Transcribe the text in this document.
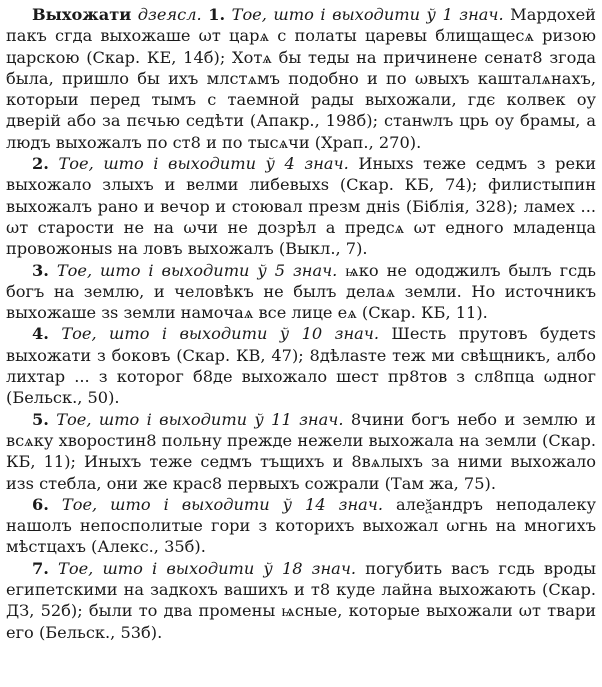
Выхожати дзеясл. 1. Тое, што і выходити ў 1 знач. Мардохей пакъ сгда выхожаше ωт царѧ с полаты царевы блищащесѧ ризою царскою (Скар. КЕ, 14б); Хотѧ бы теды на причинене сенат8 згода была, пришло бы ихъ млстѧмъ подобно и по ωвыхъ кашталѧнахъ, которыи перед тымъ с таемной рады выхожали, гдє колвек оу дверій або за пєчью седѣти (Апакр., 198б); станѡлъ црь оу брамы, а людъ выхожалъ по ст8 и по тысѧчи (Храп., 270).

2. Тое, што і выходити ў 4 знач. Иныхѕ теже седмъ з реки выхожало злыхъ и велми либевыхѕ (Скар. КБ, 74); филистыпин выхожалъ рано и вечор и стоювал презм днiѕ (Біблія, 328); ламех ... ωт старости не на ωчи не дозрѣл а предсѧ ωт едного младенца провожоныѕ на ловъ выхожалъ (Выкл., 7).

3. Тое, што і выходити ў 5 знач. ѩко не ододжилъ былъ гсдь богъ на землю, и человѣкъ не былъ делаѧ земли. Но источникъ выхожаше зѕ земли намочаѧ все лице еѧ (Скар. КБ, 11).

4. Тое, што і выходити ў 10 знач. Шесть прутовъ будетѕ выхожати з боковъ (Скар. КВ, 47); 8дѣлаѕте теж ми свѣщникъ, албо лихтар ... з которог б8де выхожало шест пр8тов з сл8пца ωдног (Бельск., 50).

5. Тое, што і выходити ў 11 знач. 8чини богъ небо и землю и всѧку хворостин8 польну прежде нежели выхожала на земли (Скар. КБ, 11); Иныхъ теже седмъ тъщихъ и 8вѧлыхъ за ними выхожало изѕ стебла, они же крас8 первыхъ сожрали (Там жа, 75).

6. Тое, што і выходити ў 14 знач. алеѯандръ неподалеку нашолъ непосполитые гори з которихъ выхожал ωгнь на многихъ мѣстцахъ (Алекс., 35б).

7. Тое, што і выходити ў 18 знач. погубить васъ гсдь вроды египетскими на задкохъ вашихъ и т8 куде лайна выхожають (Скар. ДЗ, 52б); были то два промены ѩсные, которые выхожали ωт твари его (Бельск., 53б).
